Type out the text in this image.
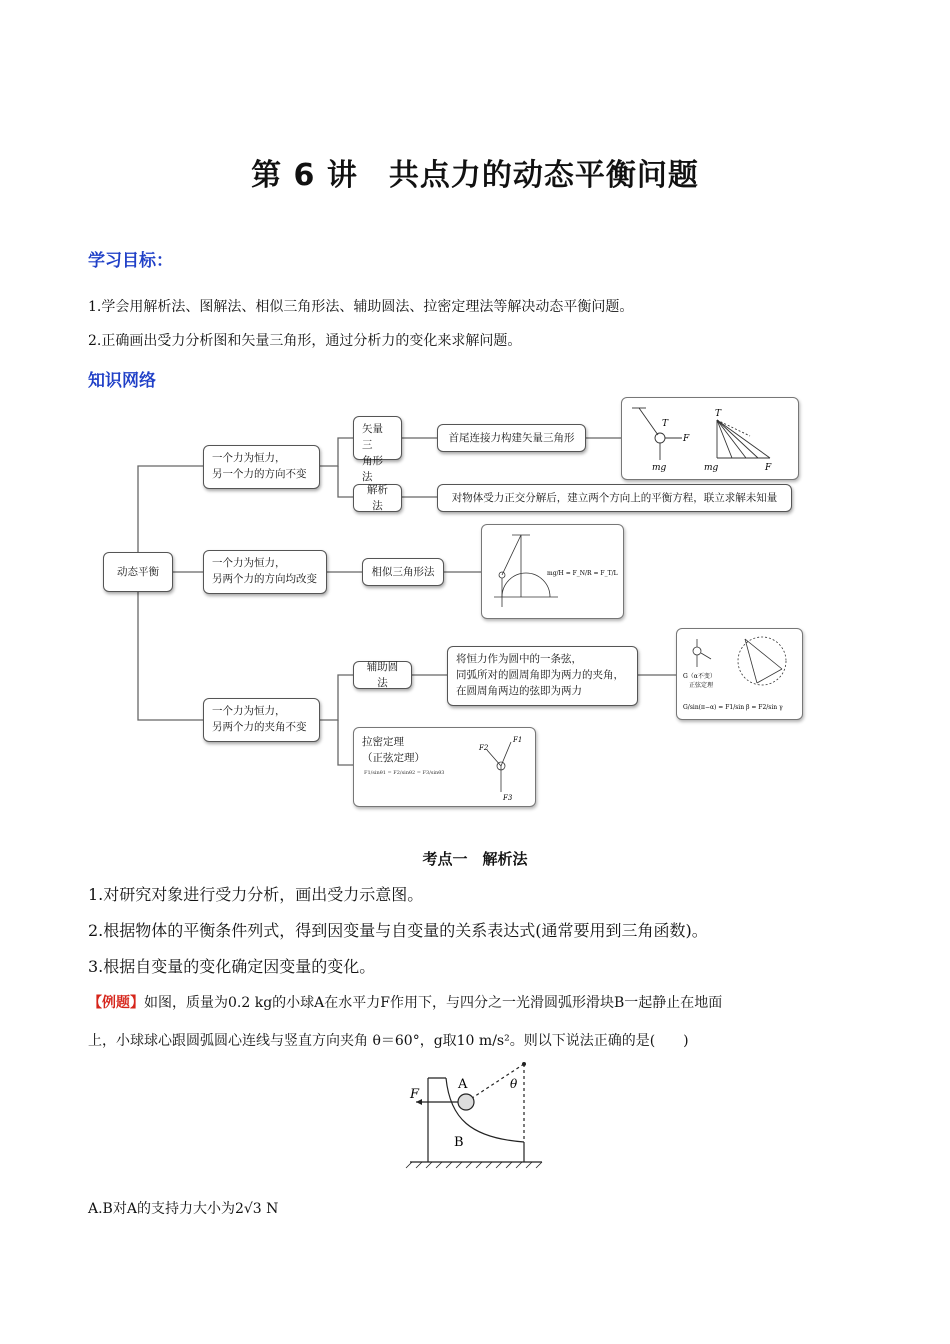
第 6 讲　共点力的动态平衡问题
学习目标：
1.学会用解析法、图解法、相似三角形法、辅助圆法、拉密定理法等解决动态平衡问题。
2.正确画出受力分析图和矢量三角形，通过分析力的变化来求解问题。
知识网络
动态平衡
一个力为恒力，
另一个力的方向不变
一个力为恒力，
另两个力的方向均改变
一个力为恒力，
另两个力的夹角不变
矢量三
角形法
解析法
首尾连接力构建矢量三角形
对物体受力正交分解后，建立两个方向上的平衡方程，联立求解未知量
相似三角形法
辅助圆法
将恒力作为圆中的一条弦，
同弧所对的圆周角即为两力的夹角，
在圆周角两边的弦即为两力
拉密定理
（正弦定理）
F1/sinθ1 = F2/sinθ2 = F3/sinθ3
F2
F1
F3
T
F
mg
T
mg	F
mg/H = F_N/R = F_T/L
G（α不变）
正弦定理
G/sin(π−α) = F1/sin β = F2/sin γ
考点一　解析法
1.对研究对象进行受力分析，画出受力示意图。
2.根据物体的平衡条件列式，得到因变量与自变量的关系表达式(通常要用到三角函数)。
3.根据自变量的变化确定因变量的变化。
【例题】如图，质量为0.2 kg的小球A在水平力F作用下，与四分之一光滑圆弧形滑块B一起静止在地面
上，小球球心跟圆弧圆心连线与竖直方向夹角 θ＝60°，g取10 m/s²。则以下说法正确的是(　　)
F
A	θ
B
A.B对A的支持力大小为2√3 N
